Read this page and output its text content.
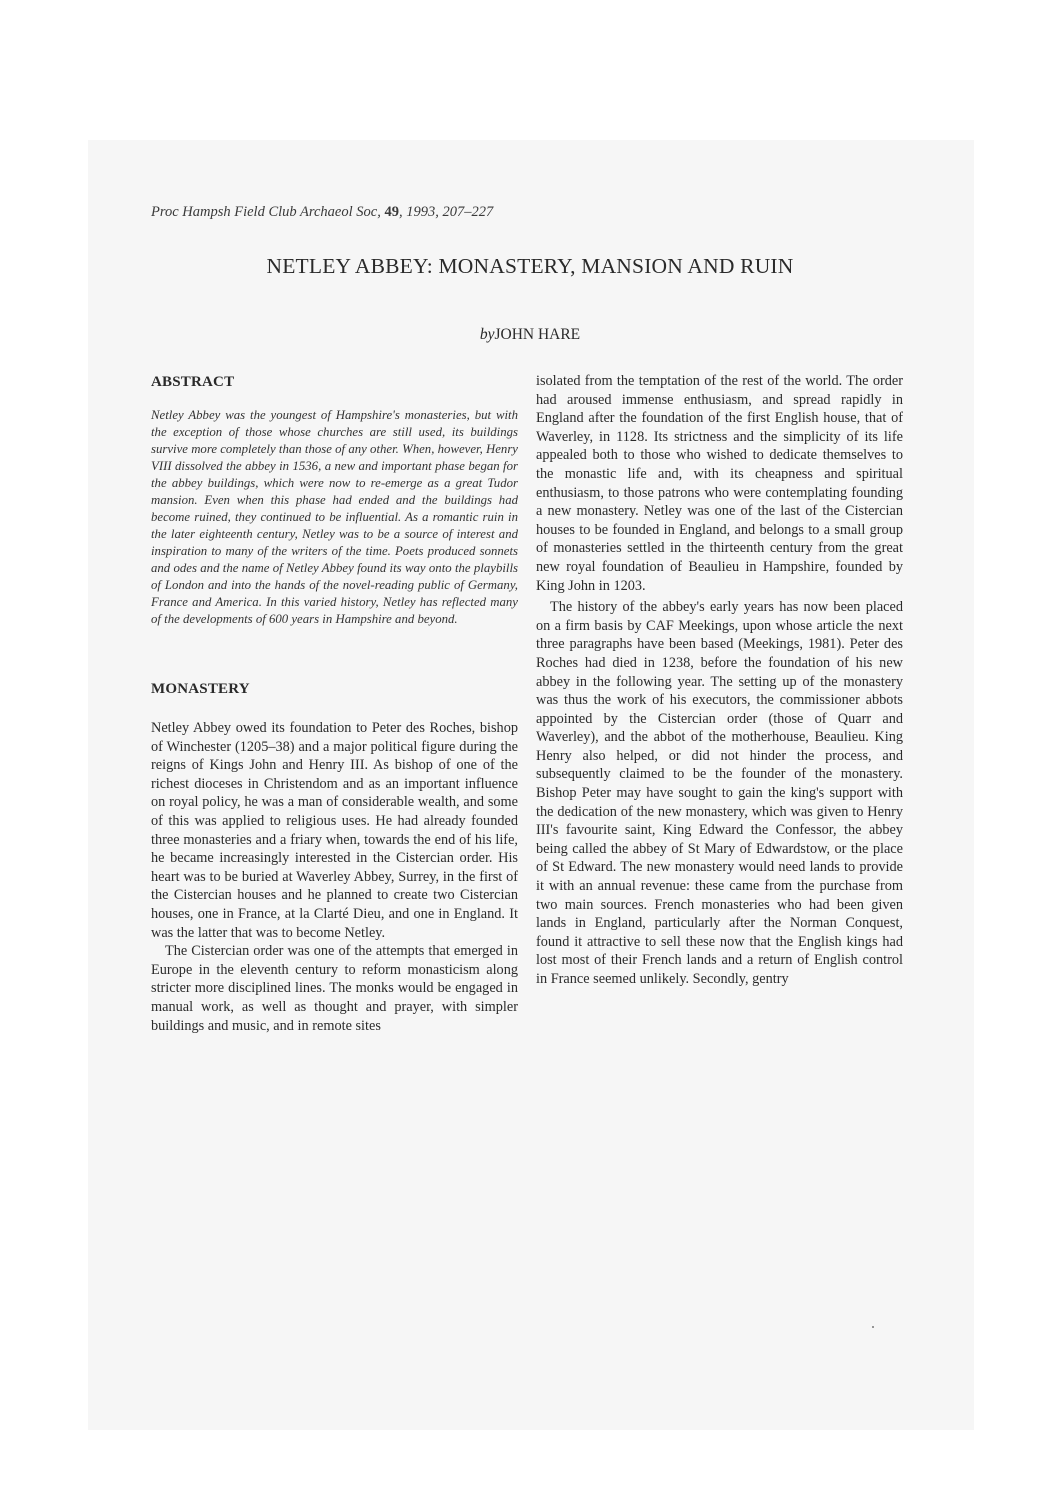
Proc Hampsh Field Club Archaeol Soc, 49, 1993, 207–227
NETLEY ABBEY: MONASTERY, MANSION AND RUIN
byJOHN HARE
ABSTRACT

Netley Abbey was the youngest of Hampshire's monasteries, but with the exception of those whose churches are still used, its buildings survive more completely than those of any other. When, however, Henry VIII dissolved the abbey in 1536, a new and important phase began for the abbey buildings, which were now to re-emerge as a great Tudor mansion. Even when this phase had ended and the buildings had become ruined, they continued to be influential. As a romantic ruin in the later eighteenth century, Netley was to be a source of interest and inspiration to many of the writers of the time. Poets produced sonnets and odes and the name of Netley Abbey found its way onto the playbills of London and into the hands of the novel-reading public of Germany, France and America. In this varied history, Netley has reflected many of the developments of 600 years in Hampshire and beyond.

MONASTERY

Netley Abbey owed its foundation to Peter des Roches, bishop of Winchester (1205–38) and a major political figure during the reigns of Kings John and Henry III. As bishop of one of the richest dioceses in Christendom and as an important influence on royal policy, he was a man of considerable wealth, and some of this was applied to religious uses. He had already founded three monasteries and a friary when, towards the end of his life, he became increasingly interested in the Cistercian order. His heart was to be buried at Waverley Abbey, Surrey, in the first of the Cistercian houses and he planned to create two Cistercian houses, one in France, at la Clarté Dieu, and one in England. It was the latter that was to become Netley.

The Cistercian order was one of the attempts that emerged in Europe in the eleventh century to reform monasticism along stricter more disciplined lines. The monks would be engaged in manual work, as well as thought and prayer, with simpler buildings and music, and in remote sites

isolated from the temptation of the rest of the world. The order had aroused immense enthusiasm, and spread rapidly in England after the foundation of the first English house, that of Waverley, in 1128. Its strictness and the simplicity of its life appealed both to those who wished to dedicate themselves to the monastic life and, with its cheapness and spiritual enthusiasm, to those patrons who were contemplating founding a new monastery. Netley was one of the last of the Cistercian houses to be founded in England, and belongs to a small group of monasteries settled in the thirteenth century from the great new royal foundation of Beaulieu in Hampshire, founded by King John in 1203.

The history of the abbey's early years has now been placed on a firm basis by CAF Meekings, upon whose article the next three paragraphs have been based (Meekings, 1981). Peter des Roches had died in 1238, before the foundation of his new abbey in the following year. The setting up of the monastery was thus the work of his executors, the commissioner abbots appointed by the Cistercian order (those of Quarr and Waverley), and the abbot of the motherhouse, Beaulieu. King Henry also helped, or did not hinder the process, and subsequently claimed to be the founder of the monastery. Bishop Peter may have sought to gain the king's support with the dedication of the new monastery, which was given to Henry III's favourite saint, King Edward the Confessor, the abbey being called the abbey of St Mary of Edwardstow, or the place of St Edward. The new monastery would need lands to provide it with an annual revenue: these came from the purchase from two main sources. French monasteries who had been given lands in England, particularly after the Norman Conquest, found it attractive to sell these now that the English kings had lost most of their French lands and a return of English control in France seemed unlikely. Secondly, gentry
